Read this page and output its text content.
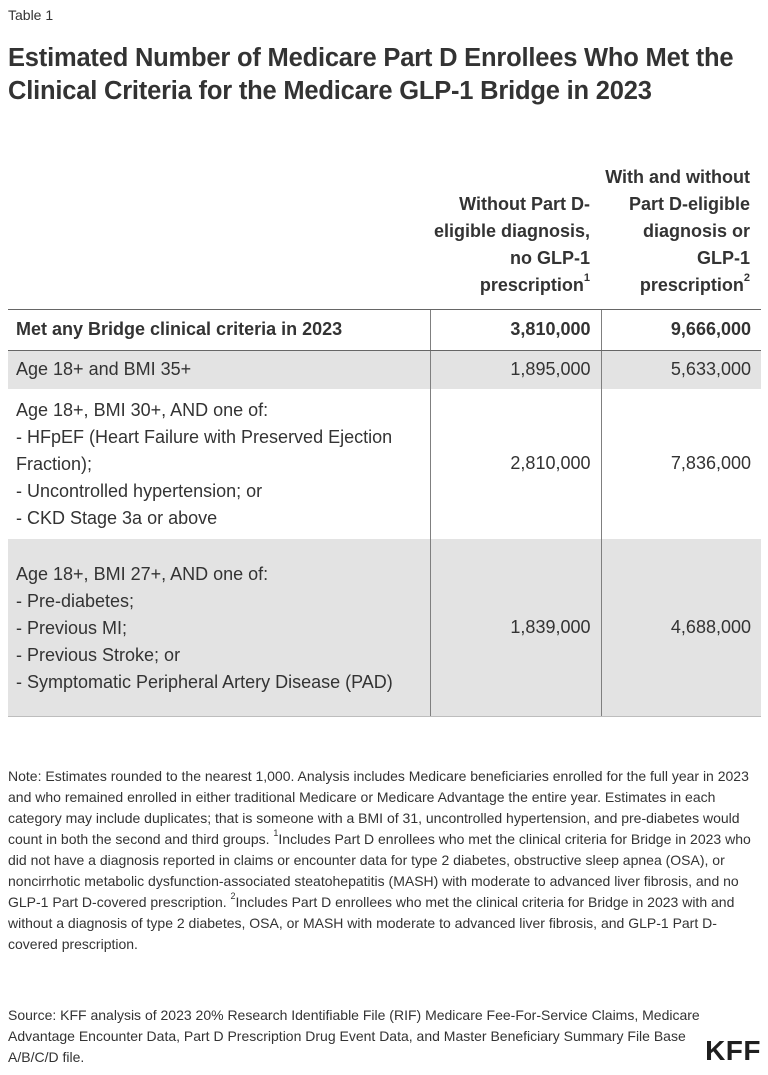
Table 1
Estimated Number of Medicare Part D Enrollees Who Met the Clinical Criteria for the Medicare GLP-1 Bridge in 2023
	Without Part D-eligible diagnosis, no GLP-1 prescription$^1$	With and without Part D-eligible diagnosis or GLP-1 prescription$^2$

Met any Bridge clinical criteria in 2023	3,810,000	9,666,000

Age 18+ and BMI 35+	1,895,000	5,633,000

Age 18+, BMI 30+, AND one of:
- HFpEF (Heart Failure with Preserved Ejection Fraction);
- Uncontrolled hypertension; or
- CKD Stage 3a or above	2,810,000	7,836,000

Age 18+, BMI 27+, AND one of:
- Pre-diabetes;
- Previous MI;
- Previous Stroke; or
- Symptomatic Peripheral Artery Disease (PAD)	1,839,000	4,688,000

Note: Estimates rounded to the nearest 1,000. Analysis includes Medicare beneficiaries enrolled for the full year in 2023 and who remained enrolled in either traditional Medicare or Medicare Advantage the entire year. Estimates in each category may include duplicates; that is someone with a BMI of 31, uncontrolled hypertension, and pre-diabetes would count in both the second and third groups. $^1$Includes Part D enrollees who met the clinical criteria for Bridge in 2023 who did not have a diagnosis reported in claims or encounter data for type 2 diabetes, obstructive sleep apnea (OSA), or noncirrhotic metabolic dysfunction-associated steatohepatitis (MASH) with moderate to advanced liver fibrosis, and no GLP-1 Part D-covered prescription. $^2$Includes Part D enrollees who met the clinical criteria for Bridge in 2023 with and without a diagnosis of type 2 diabetes, OSA, or MASH with moderate to advanced liver fibrosis, and GLP-1 Part D-covered prescription.

Source: KFF analysis of 2023 20% Research Identifiable File (RIF) Medicare Fee-For-Service Claims, Medicare Advantage Encounter Data, Part D Prescription Drug Event Data, and Master Beneficiary Summary File Base A/B/C/D file.	KFF
